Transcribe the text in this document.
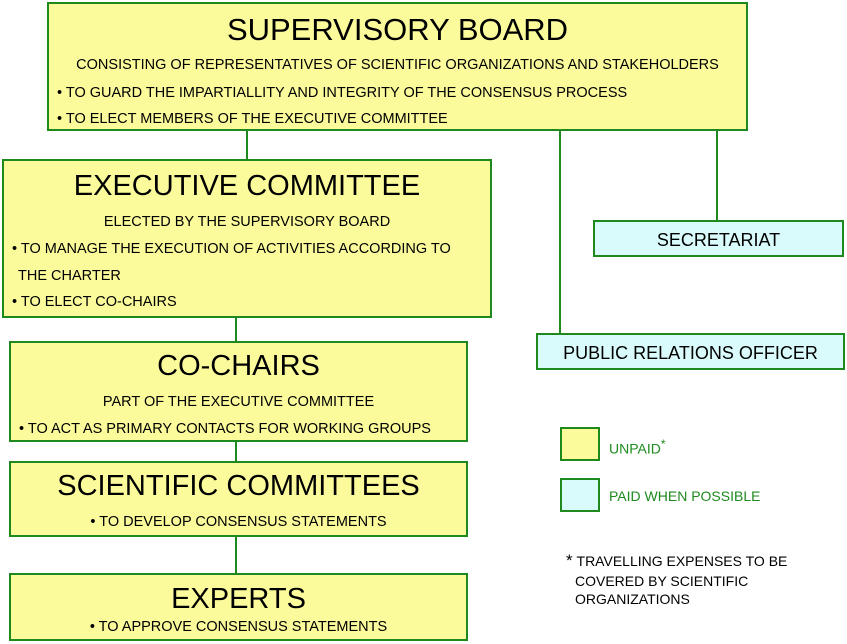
SUPERVISORY BOARD
CONSISTING OF REPRESENTATIVES OF SCIENTIFIC ORGANIZATIONS AND STAKEHOLDERS
• TO GUARD THE IMPARTIALLITY AND INTEGRITY OF THE CONSENSUS PROCESS
• TO ELECT MEMBERS OF THE EXECUTIVE COMMITTEE
EXECUTIVE COMMITTEE
ELECTED BY THE SUPERVISORY BOARD
• TO MANAGE THE EXECUTION OF ACTIVITIES ACCORDING TO
THE CHARTER
• TO ELECT CO-CHAIRS
CO-CHAIRS
PART OF THE EXECUTIVE COMMITTEE
• TO ACT AS PRIMARY CONTACTS FOR WORKING GROUPS
SCIENTIFIC COMMITTEES
• TO DEVELOP CONSENSUS STATEMENTS
EXPERTS
• TO APPROVE CONSENSUS STATEMENTS
SECRETARIAT
PUBLIC RELATIONS OFFICER
UNPAID*
PAID WHEN POSSIBLE
* TRAVELLING EXPENSES TO BE
COVERED BY SCIENTIFIC
ORGANIZATIONS
